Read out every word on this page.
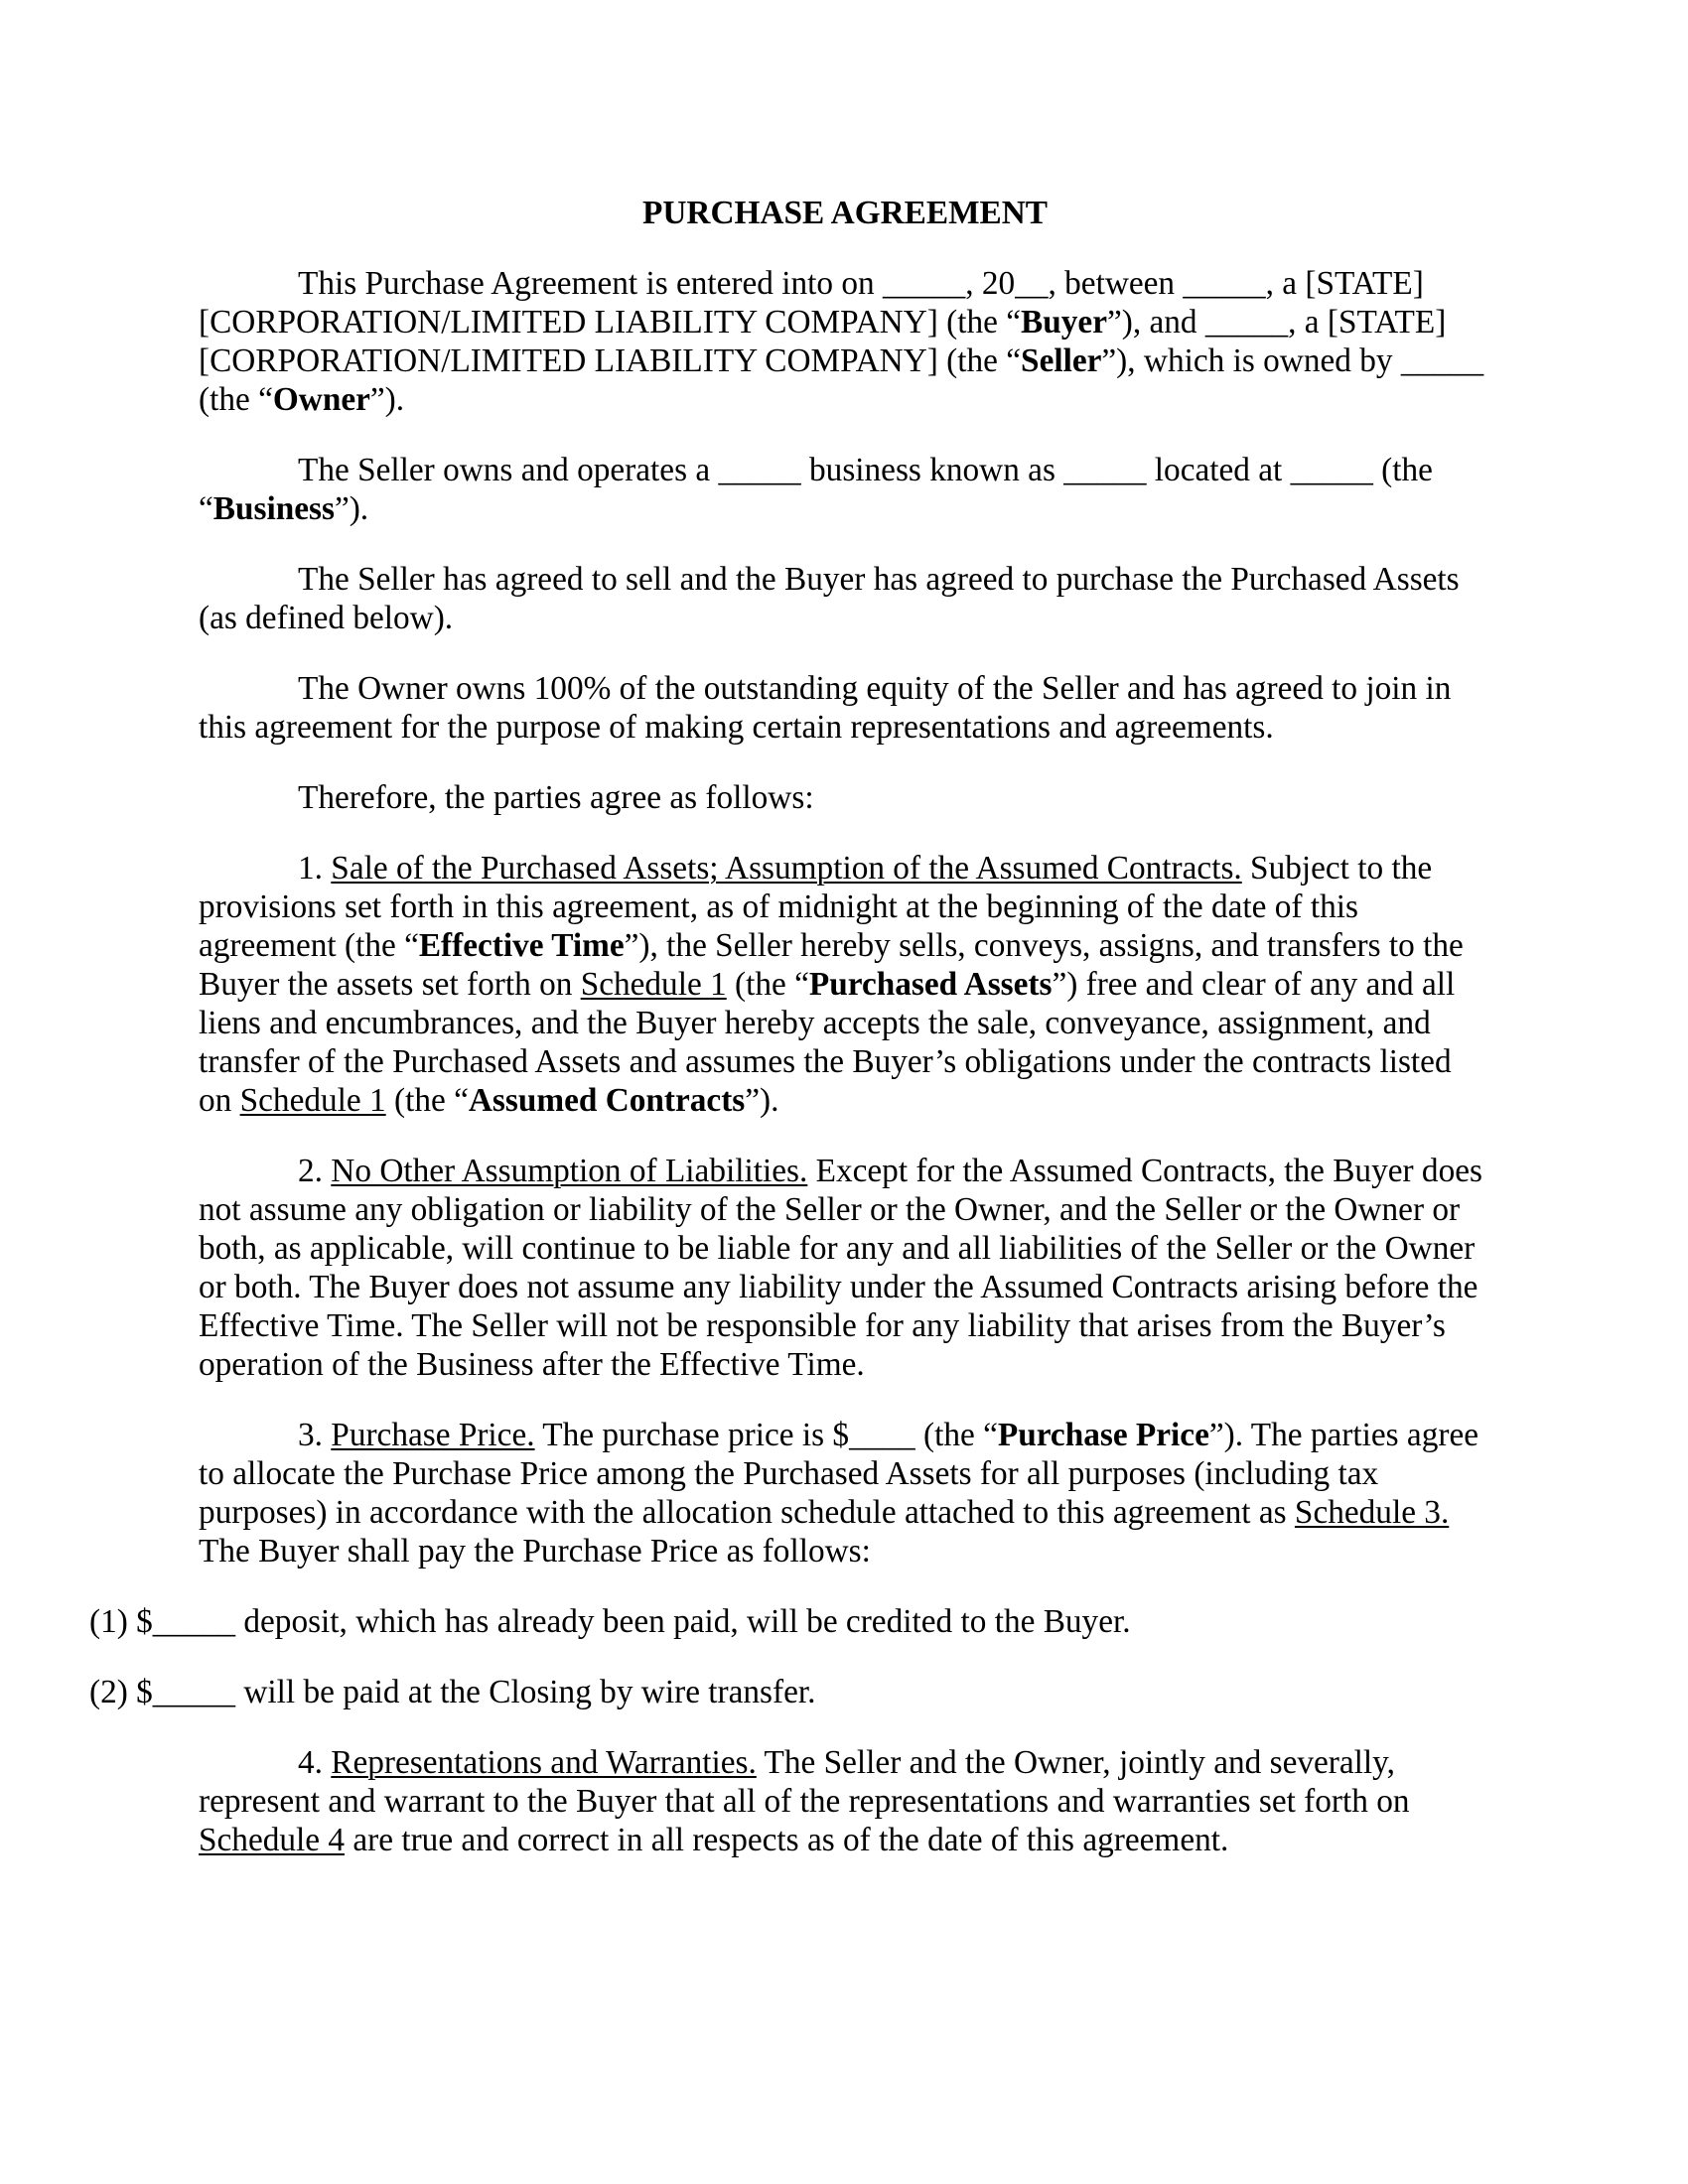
PURCHASE AGREEMENT

This Purchase Agreement is entered into on _____, 20__, between _____, a [STATE] [CORPORATION/LIMITED LIABILITY COMPANY] (the “Buyer”), and _____, a [STATE] [CORPORATION/LIMITED LIABILITY COMPANY] (the “Seller”), which is owned by _____ (the “Owner”).

The Seller owns and operates a _____ business known as _____ located at _____ (the “Business”).

The Seller has agreed to sell and the Buyer has agreed to purchase the Purchased Assets (as defined below).

The Owner owns 100% of the outstanding equity of the Seller and has agreed to join in this agreement for the purpose of making certain representations and agreements.

Therefore, the parties agree as follows:

1. Sale of the Purchased Assets; Assumption of the Assumed Contracts. Subject to the provisions set forth in this agreement, as of midnight at the beginning of the date of this agreement (the “Effective Time”), the Seller hereby sells, conveys, assigns, and transfers to the Buyer the assets set forth on Schedule 1 (the “Purchased Assets”) free and clear of any and all liens and encumbrances, and the Buyer hereby accepts the sale, conveyance, assignment, and transfer of the Purchased Assets and assumes the Buyer’s obligations under the contracts listed on Schedule 1 (the “Assumed Contracts”).

2. No Other Assumption of Liabilities. Except for the Assumed Contracts, the Buyer does not assume any obligation or liability of the Seller or the Owner, and the Seller or the Owner or both, as applicable, will continue to be liable for any and all liabilities of the Seller or the Owner or both. The Buyer does not assume any liability under the Assumed Contracts arising before the Effective Time. The Seller will not be responsible for any liability that arises from the Buyer’s operation of the Business after the Effective Time.

3. Purchase Price. The purchase price is $____ (the “Purchase Price”). The parties agree to allocate the Purchase Price among the Purchased Assets for all purposes (including tax purposes) in accordance with the allocation schedule attached to this agreement as Schedule 3. The Buyer shall pay the Purchase Price as follows:

(1) $_____ deposit, which has already been paid, will be credited to the Buyer.

(2) $_____ will be paid at the Closing by wire transfer.

4. Representations and Warranties. The Seller and the Owner, jointly and severally, represent and warrant to the Buyer that all of the representations and warranties set forth on Schedule 4 are true and correct in all respects as of the date of this agreement.
